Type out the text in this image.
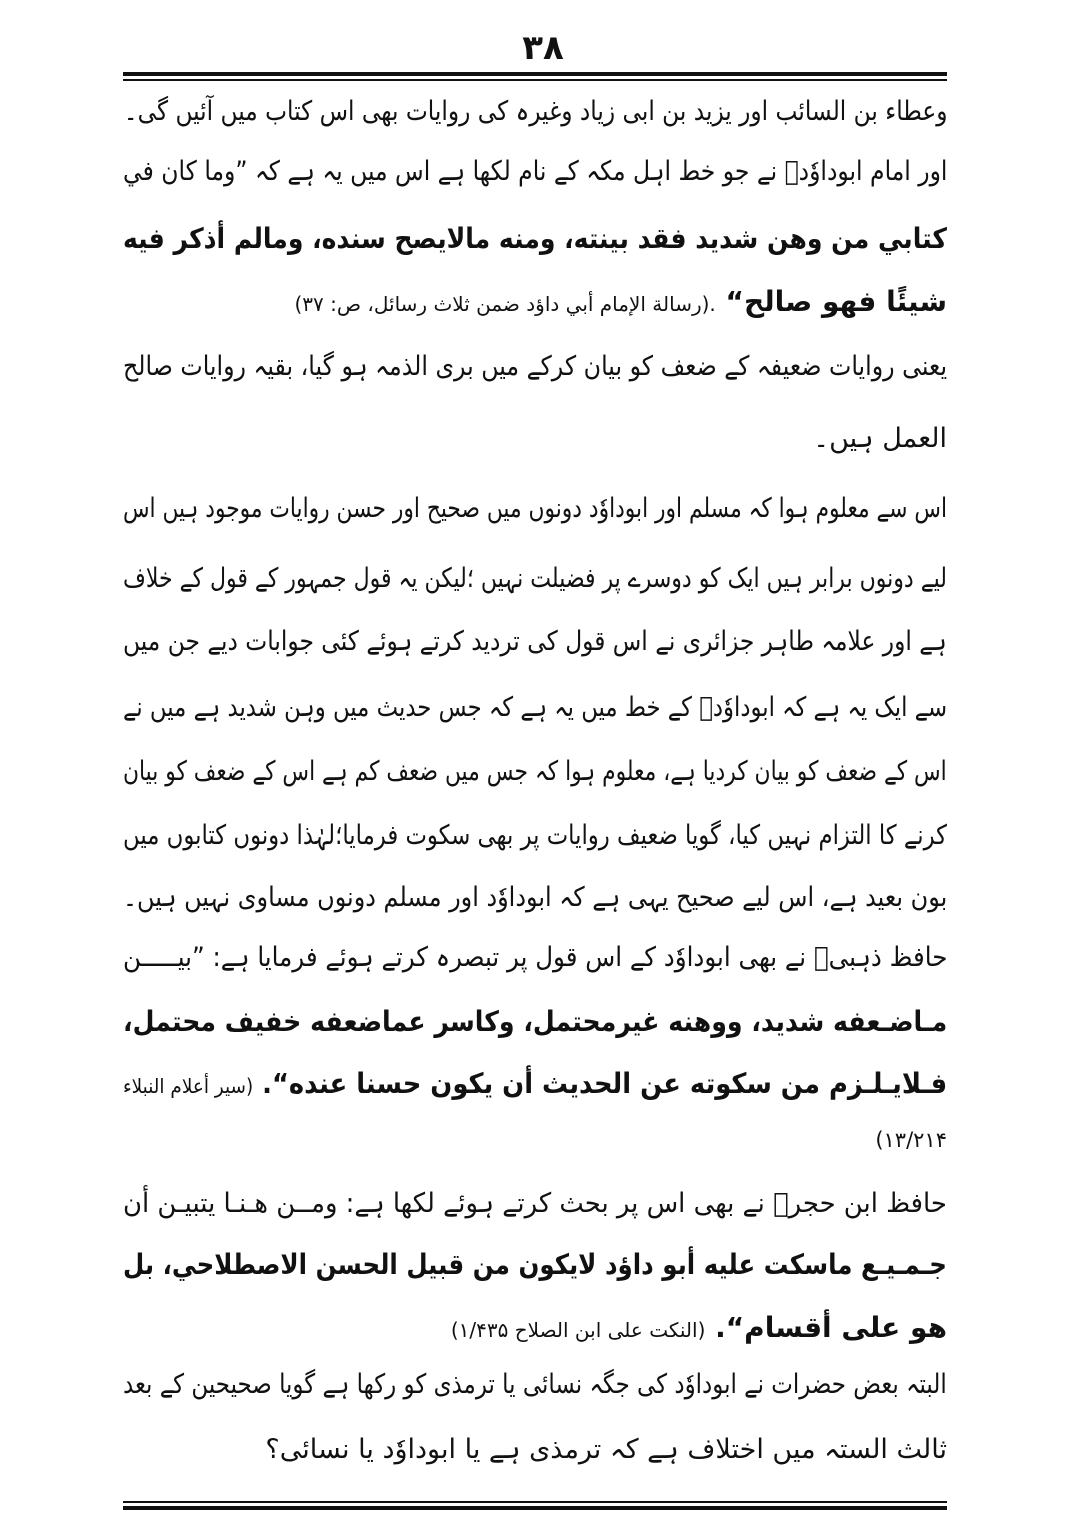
۳۸
وعطاء بن السائب اور یزید بن ابی زیاد وغیرہ کی روایات بھی اس کتاب میں آئیں گی۔
اور امام ابوداوٗدؒ نے جو خط اہل مکہ کے نام لکھا ہے اس میں یہ ہے کہ ”وما کان في
کتابي من وهن شدید فقد بینته، ومنه مالایصح سنده، ومالم أذکر فیه
شیئًا فهو صالح“ .(رسالة الإمام أبي داؤد ضمن ثلاث رسائل، ص: ۳۷)
یعنی روایات ضعیفہ کے ضعف کو بیان کرکے میں بری الذمہ ہو گیا، بقیہ روایات صالح
العمل ہیں۔
اس سے معلوم ہوا کہ مسلم اور ابوداوٗد دونوں میں صحیح اور حسن روایات موجود ہیں اس
لیے دونوں برابر ہیں ایک کو دوسرے پر فضیلت نہیں ؛لیکن یہ قول جمہور کے قول کے خلاف
ہے اور علامہ طاہر جزائری نے اس قول کی تردید کرتے ہوئے کئی جوابات دیے جن میں
سے ایک یہ ہے کہ ابوداوٗدؒ کے خط میں یہ ہے کہ جس حدیث میں وہن شدید ہے میں نے
اس کے ضعف کو بیان کردیا ہے، معلوم ہوا کہ جس میں ضعف کم ہے اس کے ضعف کو بیان
کرنے کا التزام نہیں کیا، گویا ضعیف روایات پر بھی سکوت فرمایا؛لہٰذا دونوں کتابوں میں
بون بعید ہے، اس لیے صحیح یہی ہے کہ ابوداوٗد اور مسلم دونوں مساوی نہیں ہیں۔
حافظ ذہبیؒ نے بھی ابوداوٗد کے اس قول پر تبصرہ کرتے ہوئے فرمایا ہے: ”بیـــــن
مـاضـعفه شدید، ووهنه غیرمحتمل، وکاسر عماضعفه خفیف محتمل،
فـلایـلـزم من سکوته عن الحدیث أن یکون حسنا عنده“. (سیر أعلام النبلاء
۱۳/۲۱۴)
حافظ ابن حجرؒ نے بھی اس پر بحث کرتے ہوئے لکھا ہے: ومــن هـنـا یتبیـن أن
جـمـیـع ماسکت علیه أبو داؤد لایکون من قبیل الحسن الاصطلاحي، بل
هو علی أقسام“. (النکت علی ابن الصلاح ۱/۴۳۵)
البتہ بعض حضرات نے ابوداوٗد کی جگہ نسائی یا ترمذی کو رکھا ہے گویا صحیحین کے بعد
ثالث الستہ میں اختلاف ہے کہ ترمذی ہے یا ابوداوٗد یا نسائی؟
